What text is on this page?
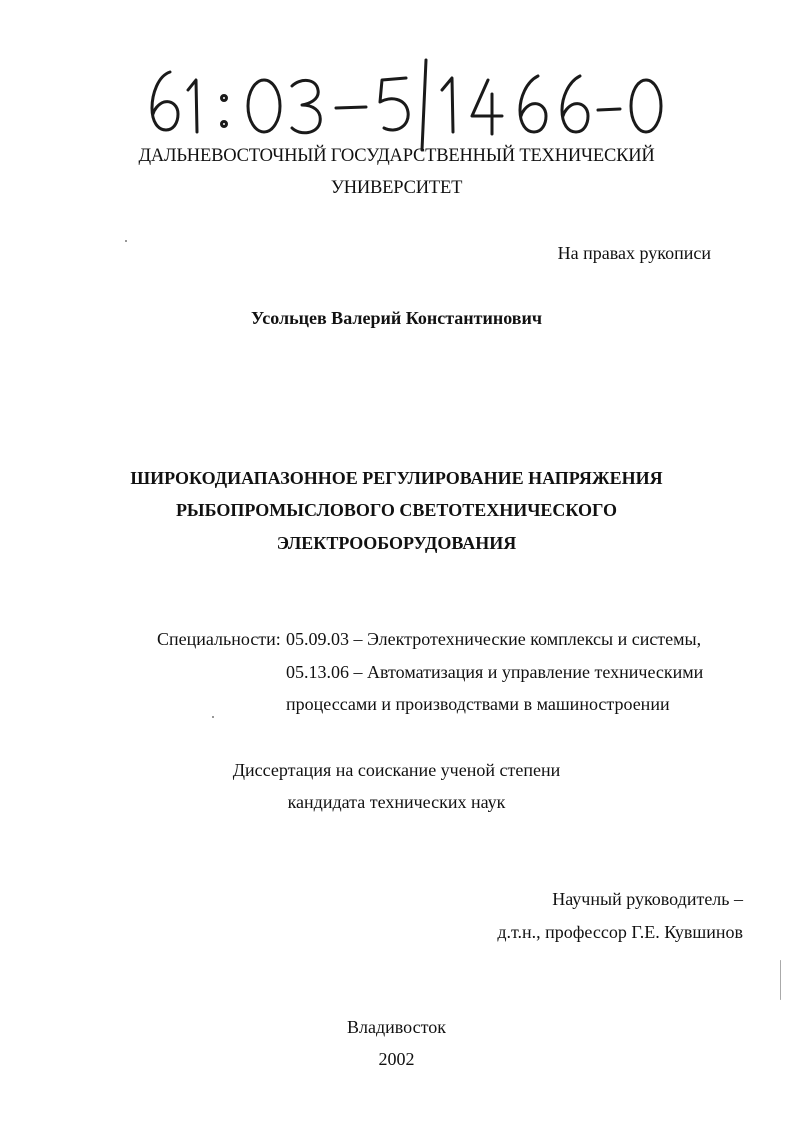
ДАЛЬНЕВОСТОЧНЫЙ ГОСУДАРСТВЕННЫЙ ТЕХНИЧЕСКИЙ
УНИВЕРСИТЕТ
На правах рукописи
Усольцев Валерий Константинович
ШИРОКОДИАПАЗОННОЕ РЕГУЛИРОВАНИЕ НАПРЯЖЕНИЯ
РЫБОПРОМЫСЛОВОГО СВЕТОТЕХНИЧЕСКОГО
ЭЛЕКТРООБОРУДОВАНИЯ
Специальности: 05.09.03 – Электротехнические комплексы и системы,
05.13.06 – Автоматизация и управление техническими
процессами и производствами в машиностроении
Диссертация на соискание ученой степени
кандидата технических наук
Научный руководитель –
д.т.н., профессор Г.Е. Кувшинов
Владивосток
2002
